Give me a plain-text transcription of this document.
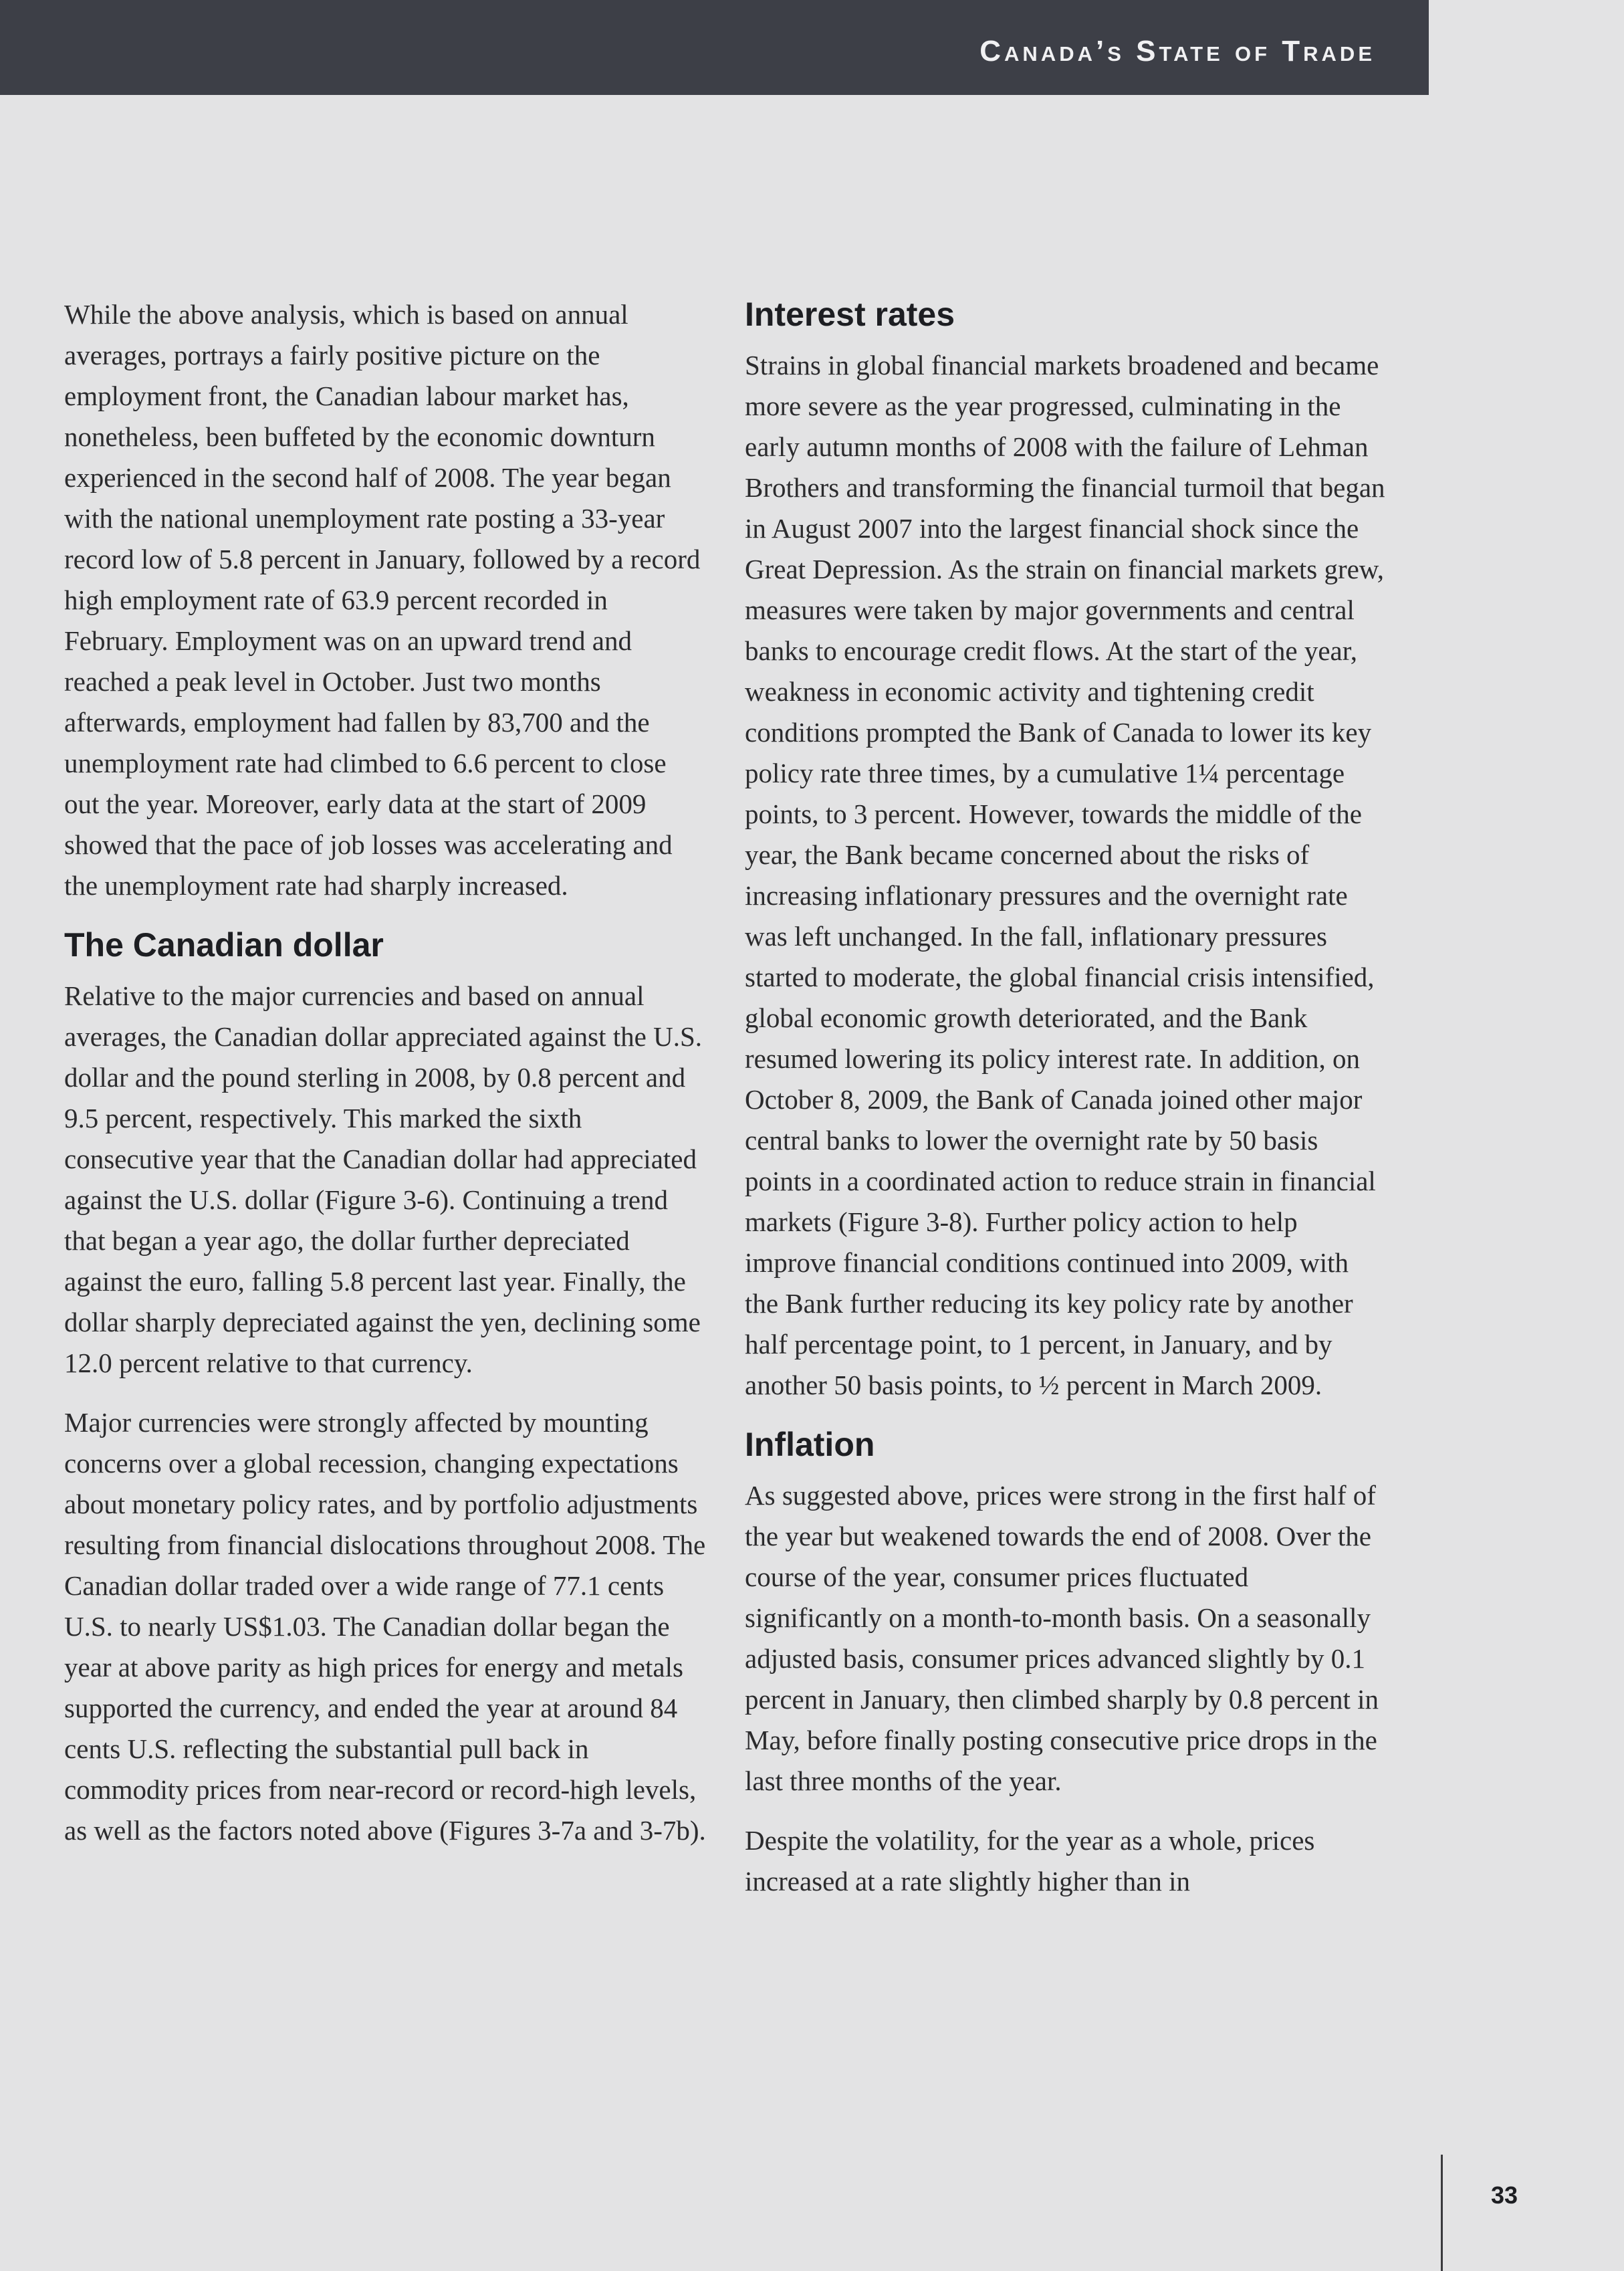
Canada’s State of Trade

While the above analysis, which is based on annual averages, portrays a fairly positive picture on the employment front, the Canadian labour market has, nonetheless, been buffeted by the economic downturn experienced in the second half of 2008. The year began with the national unemployment rate posting a 33-year record low of 5.8 percent in January, followed by a record high employment rate of 63.9 percent recorded in February. Employment was on an upward trend and reached a peak level in October. Just two months afterwards, employment had fallen by 83,700 and the unemployment rate had climbed to 6.6 percent to close out the year. Moreover, early data at the start of 2009 showed that the pace of job losses was accelerating and the unemployment rate had sharply increased.

The Canadian dollar

Relative to the major currencies and based on annual averages, the Canadian dollar appreciated against the U.S. dollar and the pound sterling in 2008, by 0.8 percent and 9.5 percent, respectively. This marked the sixth consecutive year that the Canadian dollar had appreciated against the U.S. dollar (Figure 3-6). Continuing a trend that began a year ago, the dollar further depreciated against the euro, falling 5.8 percent last year. Finally, the dollar sharply depreciated against the yen, declining some 12.0 percent relative to that currency.

Major currencies were strongly affected by mounting concerns over a global recession, changing expectations about monetary policy rates, and by portfolio adjustments resulting from financial dislocations throughout 2008. The Canadian dollar traded over a wide range of 77.1 cents U.S. to nearly US$1.03. The Canadian dollar began the year at above parity as high prices for energy and metals supported the currency, and ended the year at around 84 cents U.S. reflecting the substantial pull back in commodity prices from near-record or record-high levels, as well as the factors noted above (Figures 3-7a and 3-7b).

Interest rates

Strains in global financial markets broadened and became more severe as the year progressed, culminating in the early autumn months of 2008 with the failure of Lehman Brothers and transforming the financial turmoil that began in August 2007 into the largest financial shock since the Great Depression. As the strain on financial markets grew, measures were taken by major governments and central banks to encourage credit flows. At the start of the year, weakness in economic activity and tightening credit conditions prompted the Bank of Canada to lower its key policy rate three times, by a cumulative 1¼ percentage points, to 3 percent. However, towards the middle of the year, the Bank became concerned about the risks of increasing inflationary pressures and the overnight rate was left unchanged. In the fall, inflationary pressures started to moderate, the global financial crisis intensified, global economic growth deteriorated, and the Bank resumed lowering its policy interest rate. In addition, on October 8, 2009, the Bank of Canada joined other major central banks to lower the overnight rate by 50 basis points in a coordinated action to reduce strain in financial markets (Figure 3-8). Further policy action to help improve financial conditions continued into 2009, with the Bank further reducing its key policy rate by another half percentage point, to 1 percent, in January, and by another 50 basis points, to ½ percent in March 2009.

Inflation

As suggested above, prices were strong in the first half of the year but weakened towards the end of 2008. Over the course of the year, consumer prices fluctuated significantly on a month-to-month basis. On a seasonally adjusted basis, consumer prices advanced slightly by 0.1 percent in January, then climbed sharply by 0.8 percent in May, before finally posting consecutive price drops in the last three months of the year.

Despite the volatility, for the year as a whole, prices increased at a rate slightly higher than in

33
